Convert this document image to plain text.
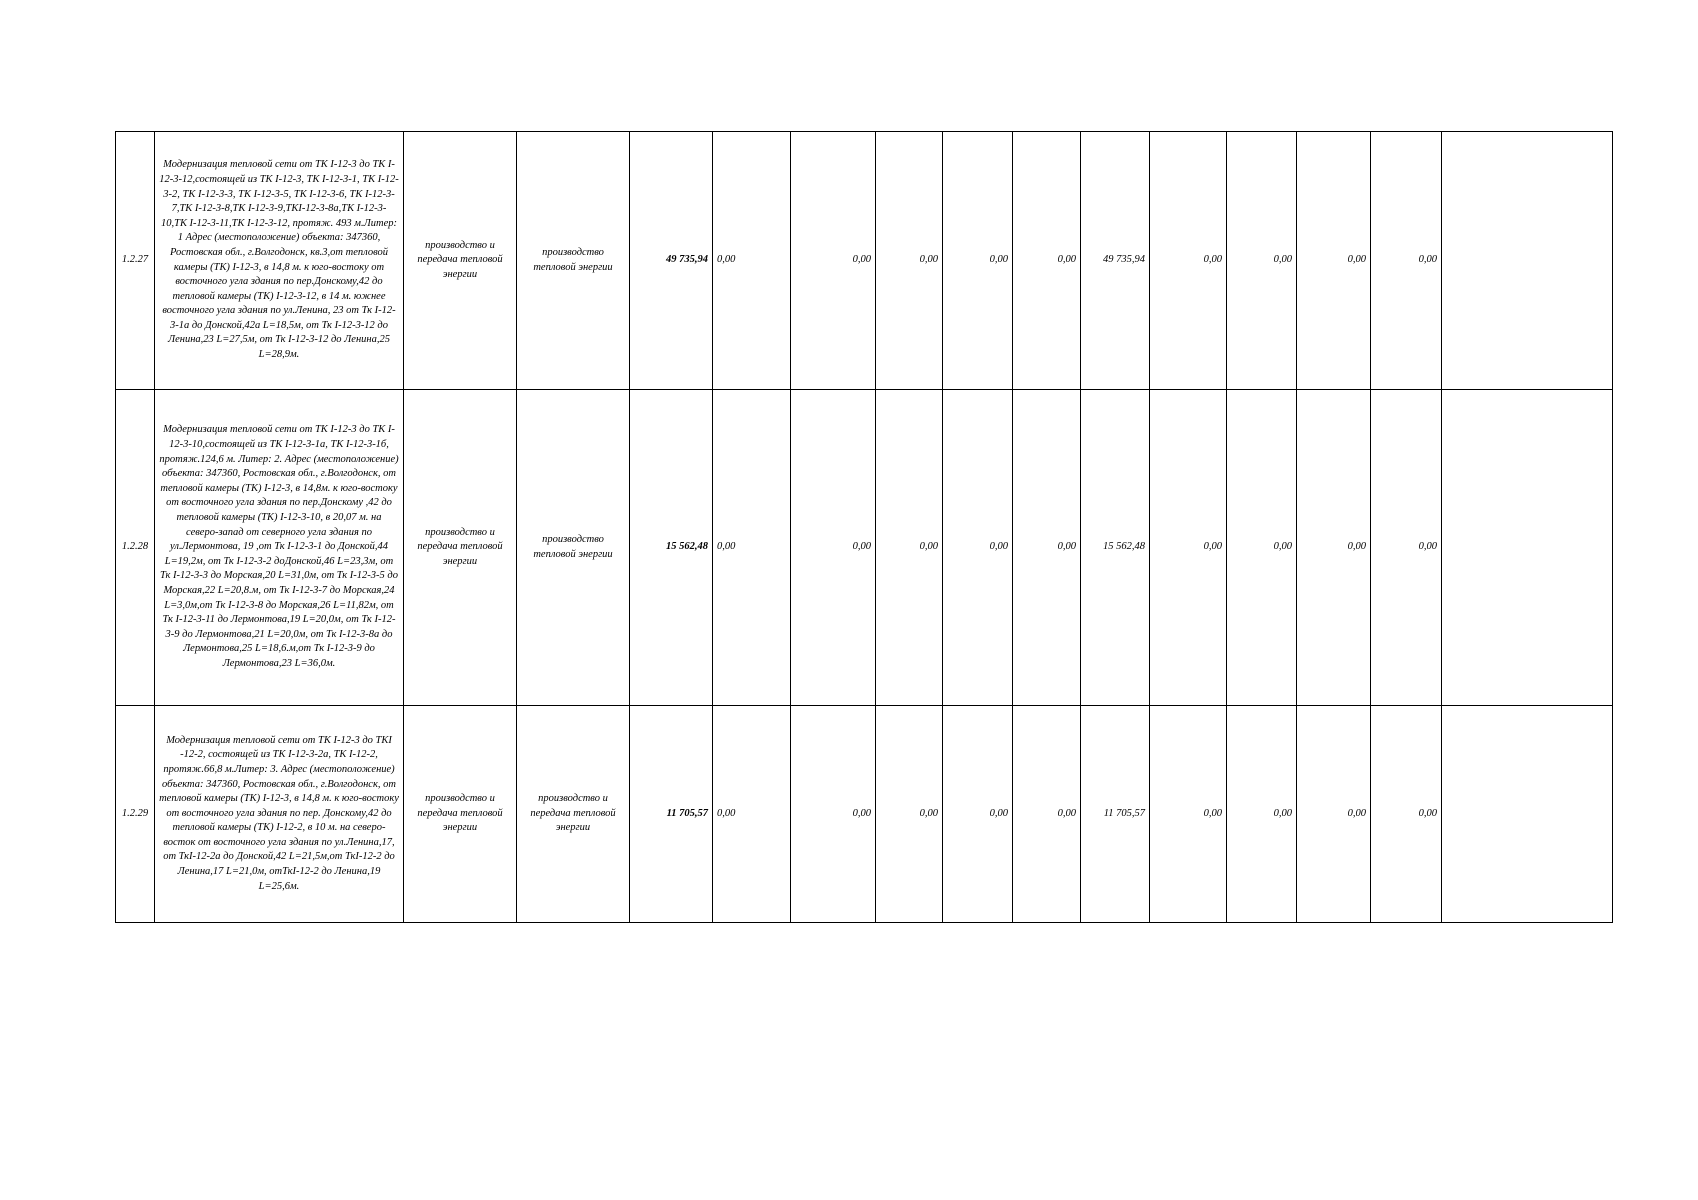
1.2.27	Модернизация тепловой сети от ТК I-12-3 до ТК I-12-3-12,состоящей из ТК I-12-3, ТК I-12-3-1, ТК I-12-3-2, ТК I-12-3-3, ТК I-12-3-5, ТК I-12-3-6, ТК I-12-3-7,ТК I-12-3-8,ТК I-12-3-9,ТКI-12-3-8а,ТК I-12-3-10,ТК I-12-3-11,ТК I-12-3-12, протяж. 493 м.Литер: 1 Адрес (местоположение) объекта: 347360, Ростовская обл., г.Волгодонск, кв.3,от тепловой камеры (ТК) I-12-3, в 14,8 м. к юго-востоку от восточного угла здания по пер.Донскому,42 до тепловой камеры (ТК) I-12-3-12, в 14 м. южнее восточного угла здания по ул.Ленина, 23 от Тк I-12-3-1а до Донской,42а L=18,5м, от Тк I-12-3-12 до Ленина,23 L=27,5м, от Тк I-12-3-12 до Ленина,25 L=28,9м.	производство и передача тепловой энергии	производство тепловой энергии	49 735,94	0,00	0,00	0,00	0,00	0,00	49 735,94	0,00	0,00	0,00	0,00	
1.2.28	Модернизация тепловой сети от ТК I-12-3 до ТК I-12-3-10,состоящей из ТК I-12-3-1а, ТК I-12-3-1б, протяж.124,6 м. Литер: 2. Адрес (местоположение) объекта: 347360, Ростовская обл., г.Волгодонск, от тепловой камеры (ТК) I-12-3, в 14,8м. к юго-востоку от восточного угла здания по пер.Донскому ,42 до тепловой камеры (ТК) I-12-3-10, в 20,07 м. на северо-запад от северного угла здания по ул.Лермонтова, 19 ,от Тк I-12-3-1 до Донской,44 L=19,2м, от Тк I-12-3-2 доДонской,46 L=23,3м, от Тк I-12-3-3 до Морская,20 L=31,0м, от Тк I-12-3-5 до Морская,22 L=20,8.м, от Тк I-12-3-7 до Морская,24 L=3,0м,от Тк I-12-3-8 до Морская,26 L=11,82м, от Тк I-12-3-11 до Лермонтова,19 L=20,0м, от Тк I-12-3-9 до Лермонтова,21 L=20,0м, от Тк I-12-3-8а до Лермонтова,25 L=18,6.м,от Тк I-12-3-9 до Лермонтова,23 L=36,0м.	производство и передача тепловой энергии	производство тепловой энергии	15 562,48	0,00	0,00	0,00	0,00	0,00	15 562,48	0,00	0,00	0,00	0,00	
1.2.29	Модернизация тепловой сети от ТК I-12-3 до ТКI -12-2, состоящей из ТК I-12-3-2а, ТК I-12-2, протяж.66,8 м.Литер: 3. Адрес (местоположение) объекта: 347360, Ростовская обл., г.Волгодонск, от тепловой камеры (ТК) I-12-3, в 14,8 м. к юго-востоку от восточного угла здания по пер. Донскому,42 до тепловой камеры (ТК) I-12-2, в 10 м. на северо-восток от восточного угла здания по ул.Ленина,17, от ТкI-12-2а до Донской,42 L=21,5м,от ТкI-12-2 до Ленина,17 L=21,0м, отТкI-12-2 до Ленина,19 L=25,6м.	производство и передача тепловой энергии	производство и передача тепловой энергии	11 705,57	0,00	0,00	0,00	0,00	0,00	11 705,57	0,00	0,00	0,00	0,00	
